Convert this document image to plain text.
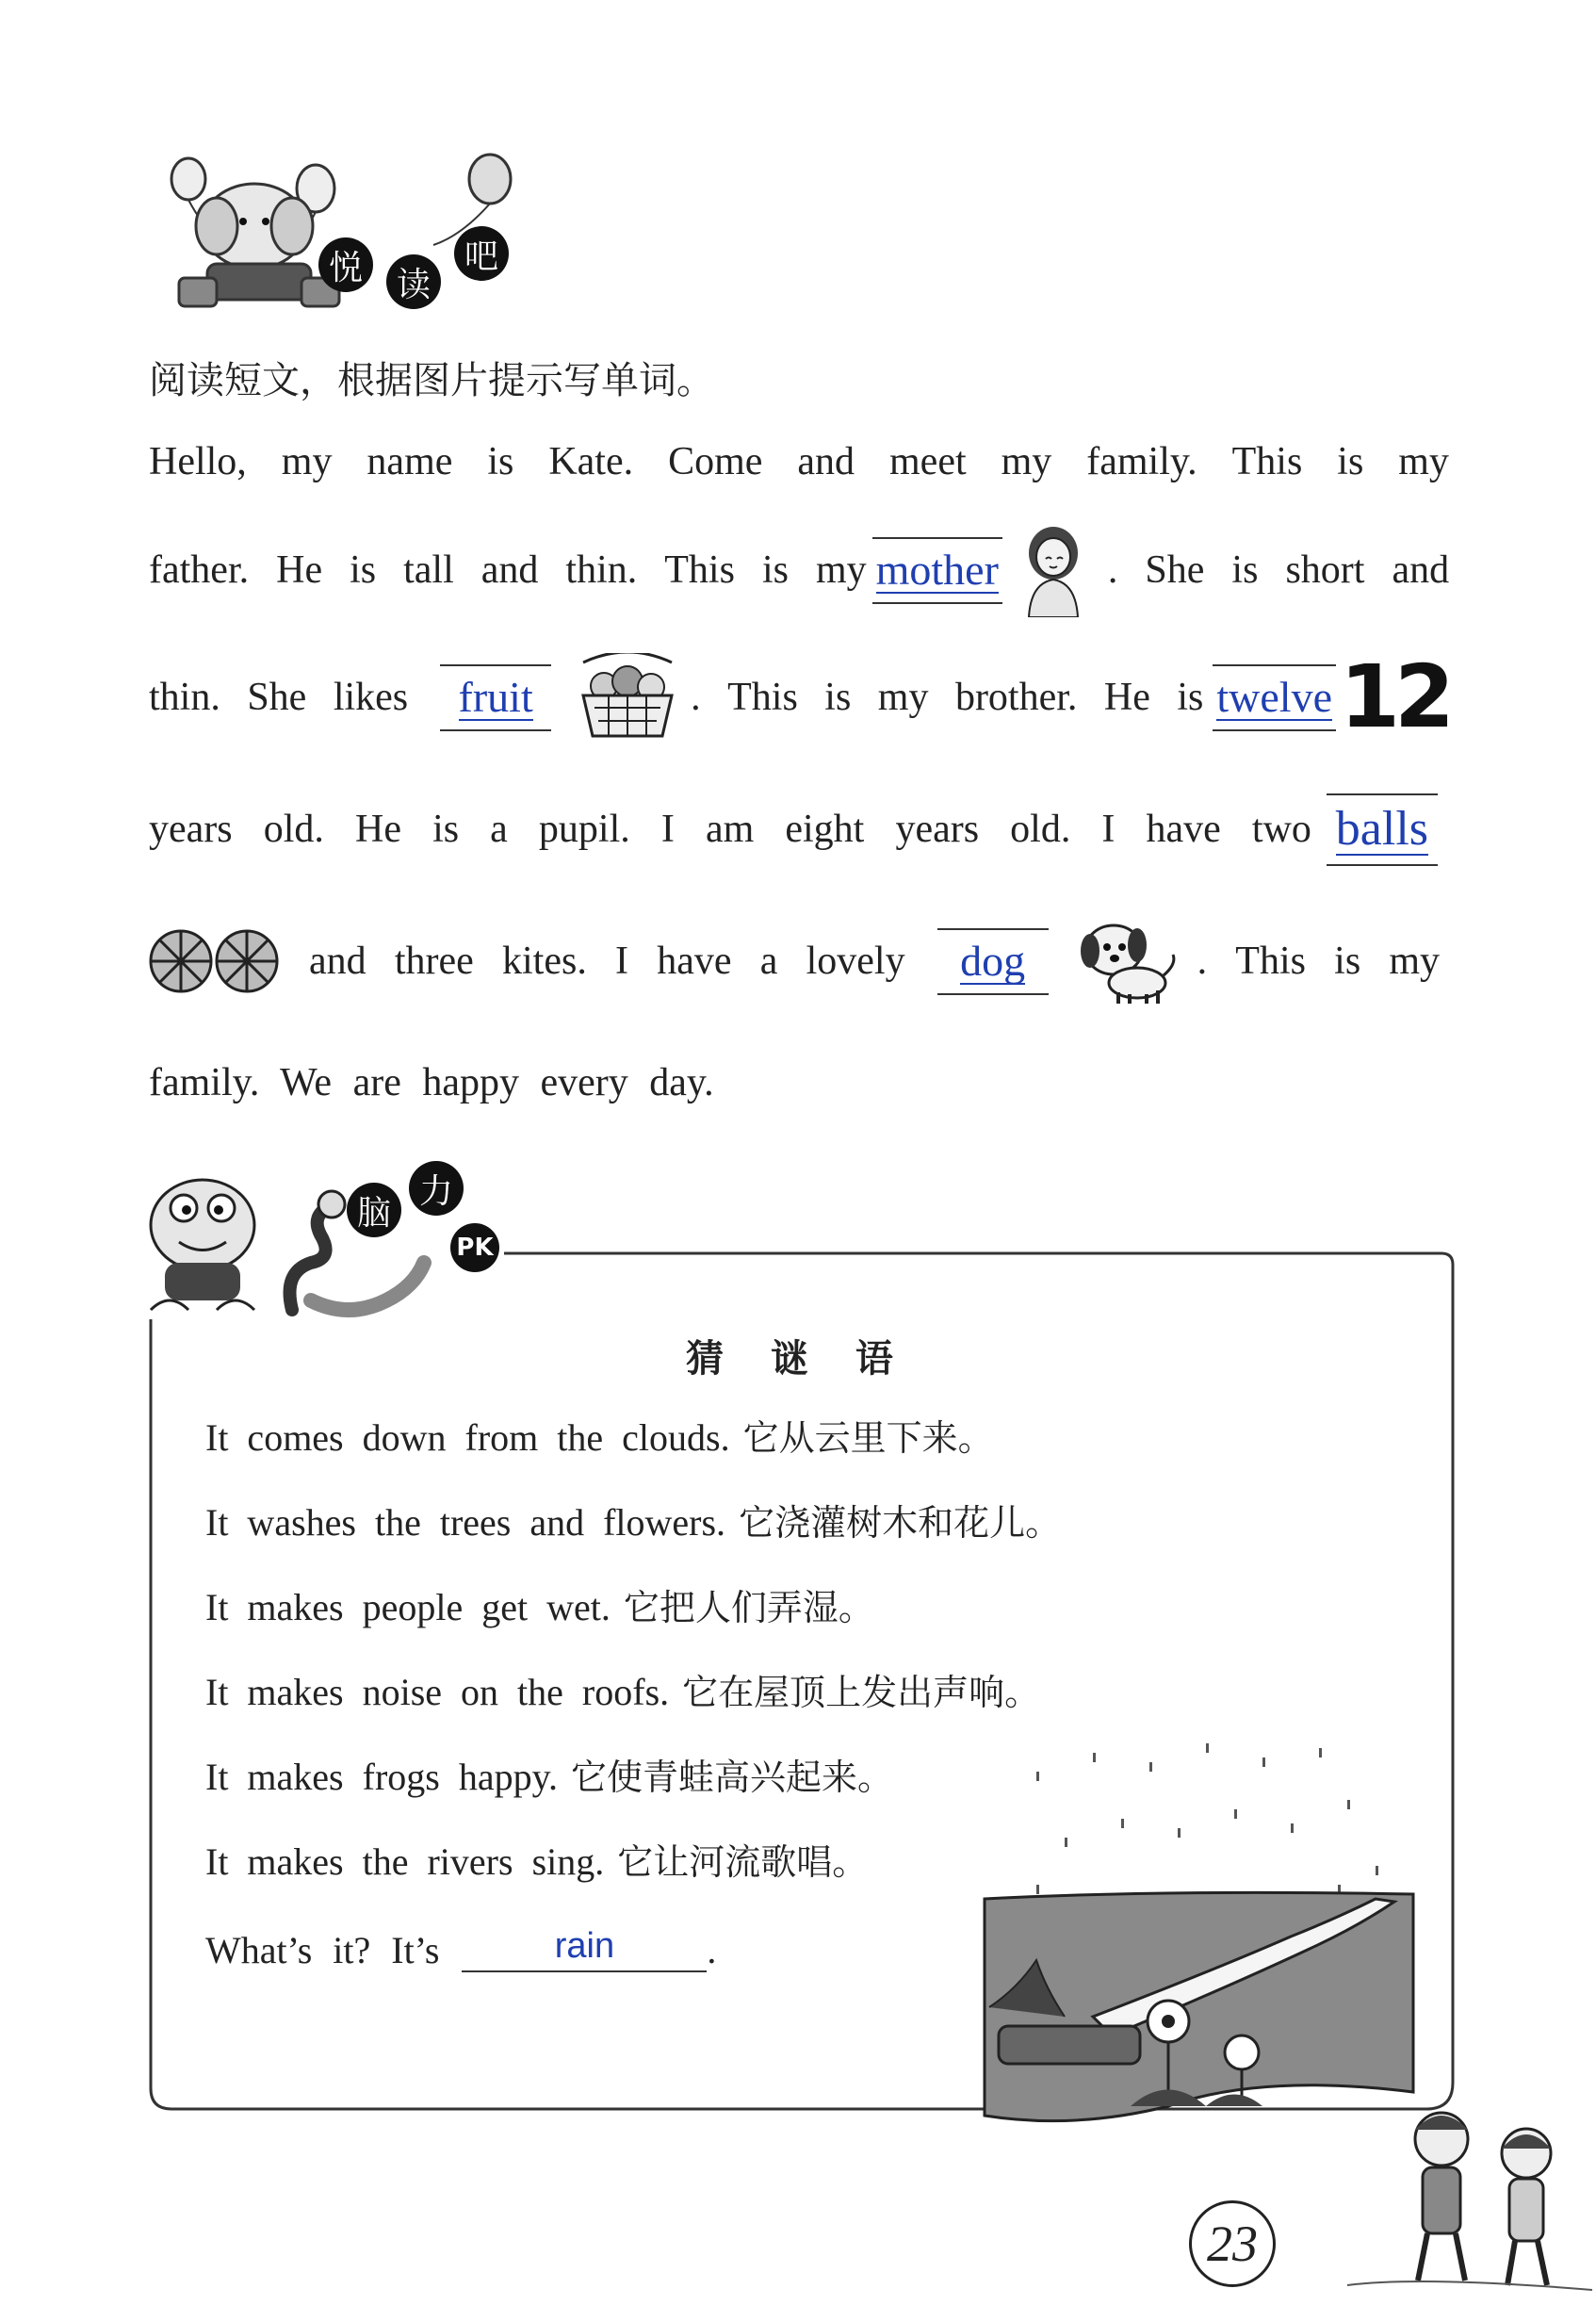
悦 读
吧
阅读短文，根据图片提示写单词。
Hello, my name is Kate. Come and meet my family. This is my
father. He is tall and thin. This is my mother	. She is short and
thin. She likes	fruit	. This is my brother. He is twelve 12
years old. He is a pupil. I am eight years old. I have two balls
and three kites. I have a lovely	dog	. This is my
family. We are happy every day.
脑
力
PK
猜 谜 语
It comes down from the clouds. 它从云里下来。
It washes the trees and flowers. 它浇灌树木和花儿。
It makes people get wet. 它把人们弄湿。
It makes noise on the roofs. 它在屋顶上发出声响。
It makes frogs happy. 它使青蛙高兴起来。
It makes the rivers sing. 它让河流歌唱。
What’s it? It’s	rain	.
23
